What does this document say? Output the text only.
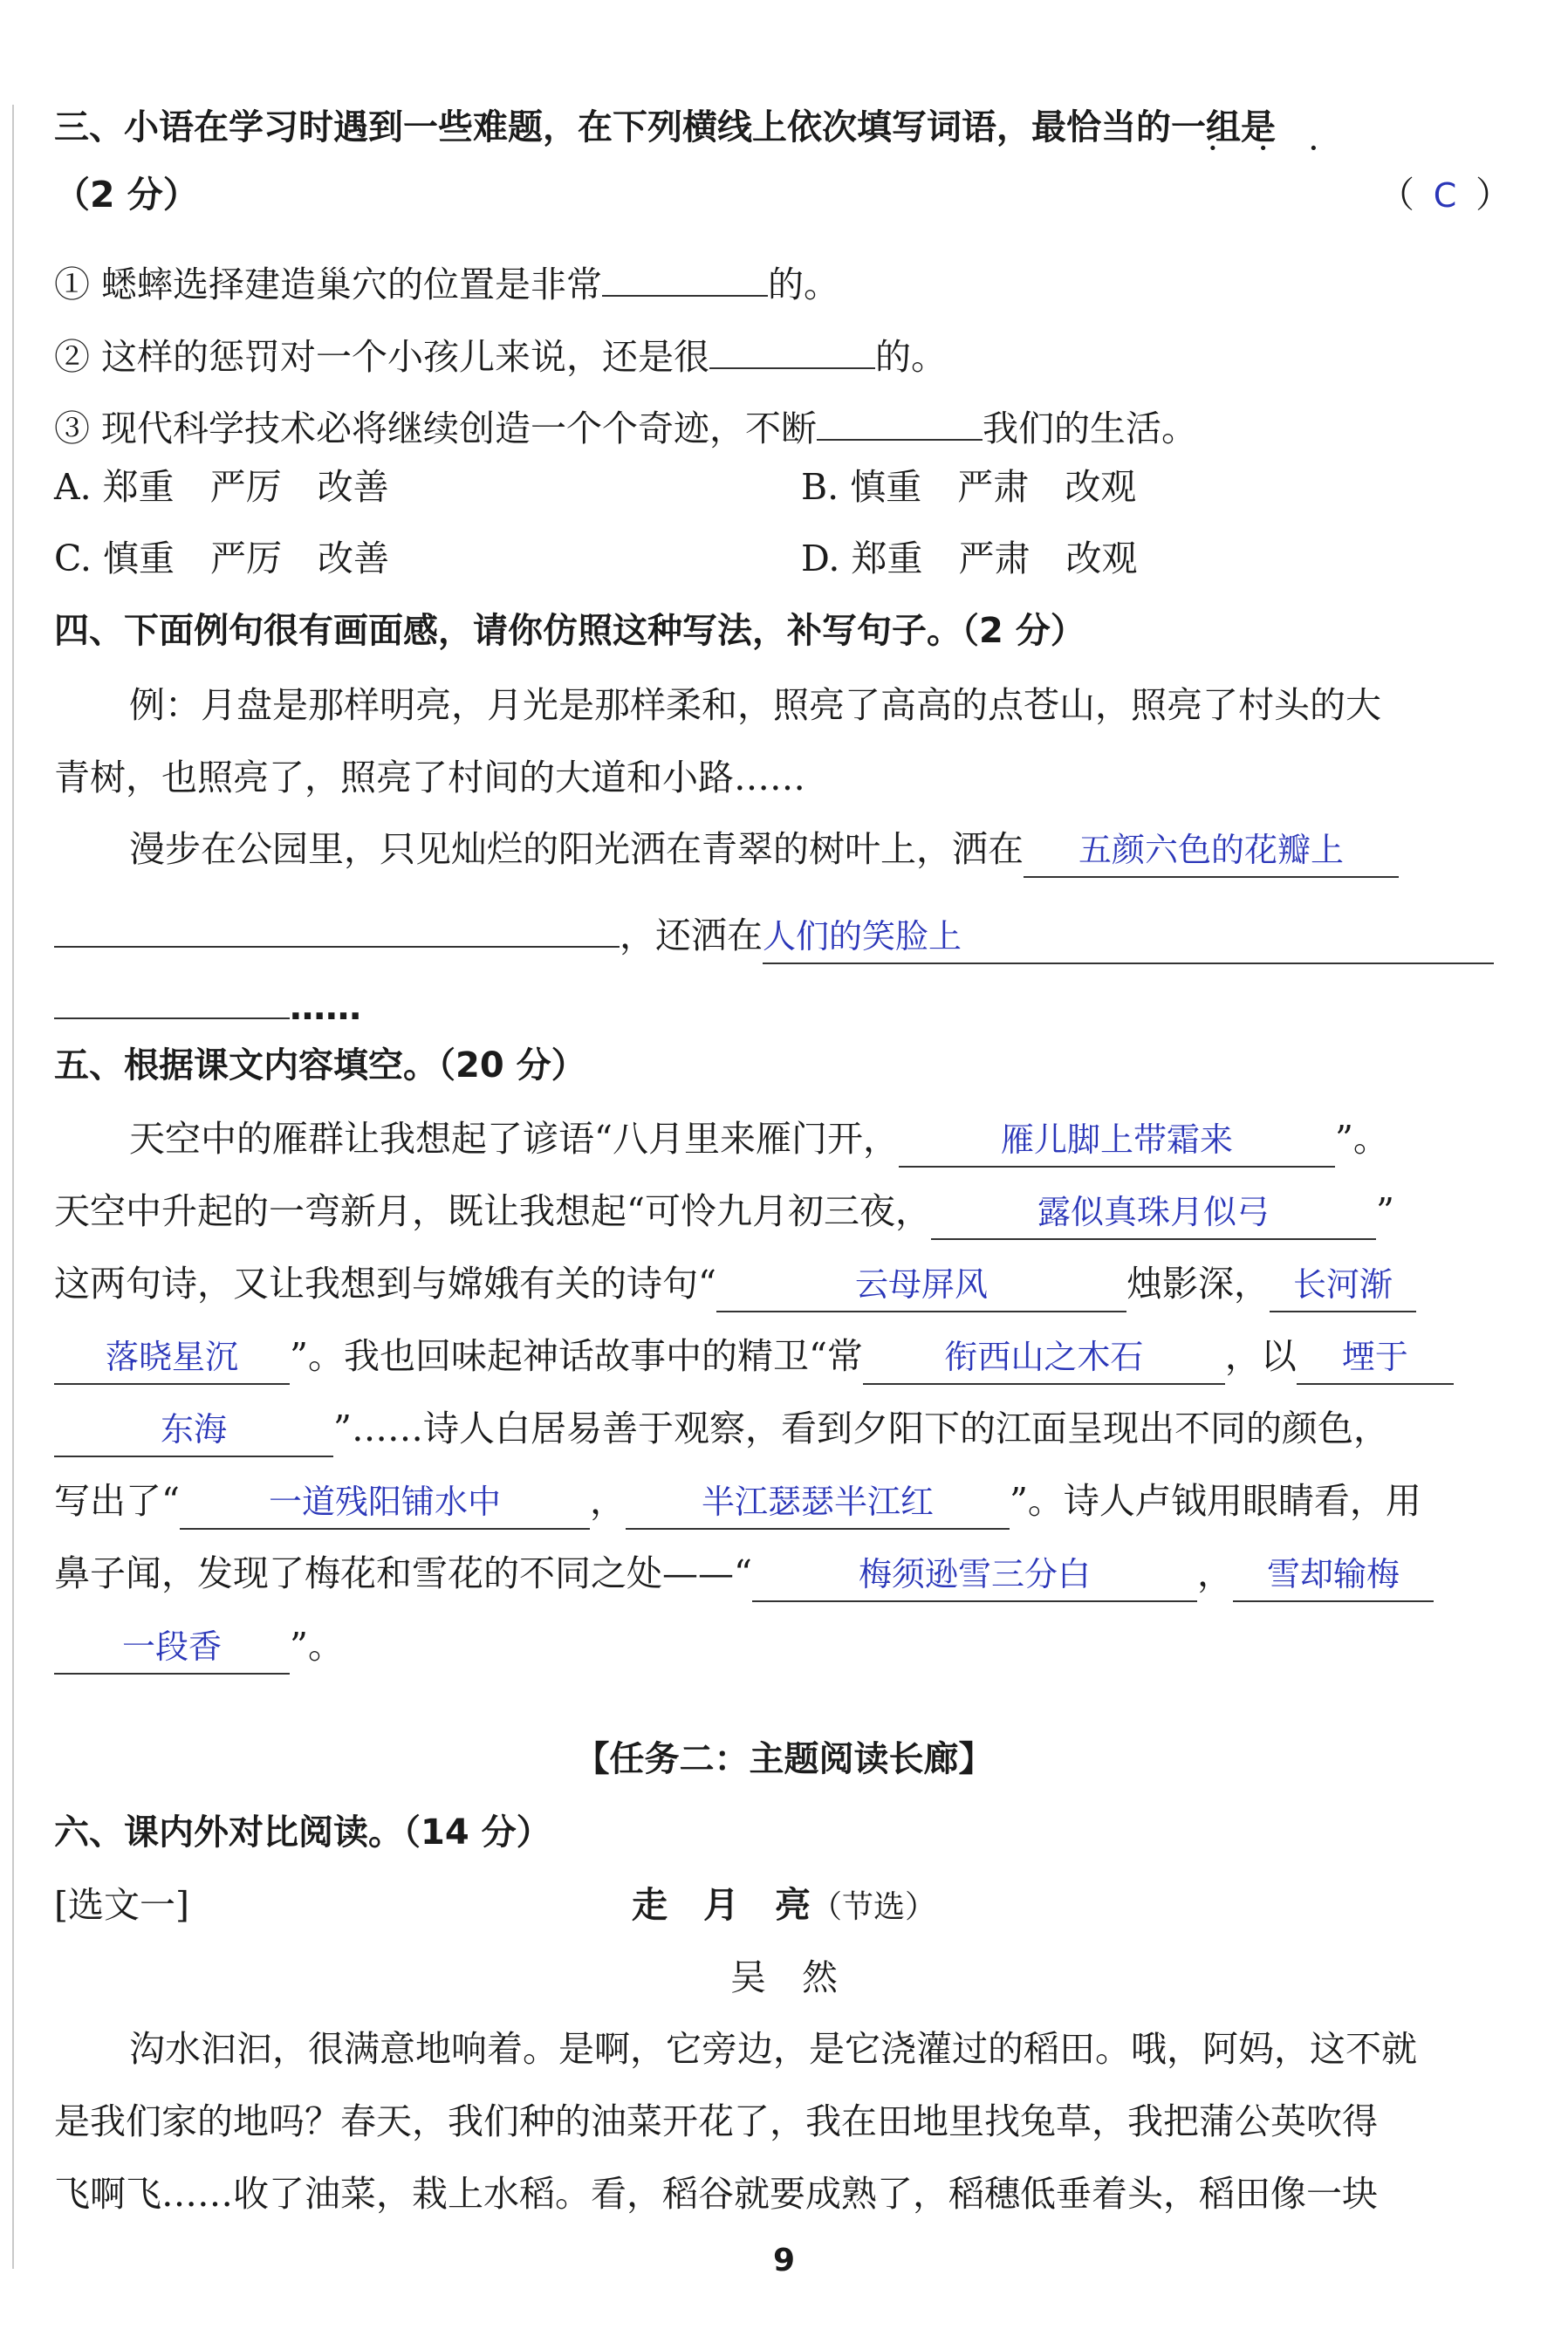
三、小语在学习时遇到一些难题，在下列横线上依次填写词语，最恰当的一组是
···
（2 分）	（ C ）
① 蟋蟀选择建造巢穴的位置是非常	的。
② 这样的惩罚对一个小孩儿来说，还是很	的。
③ 现代科学技术必将继续创造一个个奇迹，不断	我们的生活。
A. 郑重　严厉　改善	B. 慎重　严肃　改观
C. 慎重　严厉　改善	D. 郑重　严肃　改观
四、下面例句很有画面感，请你仿照这种写法，补写句子。（2 分）
例：月盘是那样明亮，月光是那样柔和，照亮了高高的点苍山，照亮了村头的大
青树，也照亮了，照亮了村间的大道和小路……
漫步在公园里，只见灿烂的阳光洒在青翠的树叶上，洒在 五颜六色的花瓣上
，还洒在人们的笑脸上
……
五、根据课文内容填空。（20 分）
天空中的雁群让我想起了谚语“八月里来雁门开，	雁儿脚上带霜来	”。
天空中升起的一弯新月，既让我想起“可怜九月初三夜，	露似真珠月似弓	”
这两句诗，又让我想到与嫦娥有关的诗句“	云母屏风	烛影深， 长河渐
落晓星沉 ”。我也回味起神话故事中的精卫“常 衔西山之木石 ，以 堙于
东海	”……诗人白居易善于观察，看到夕阳下的江面呈现出不同的颜色，
写出了“	一道残阳铺水中 ， 半江瑟瑟半江红 ”。诗人卢钺用眼睛看，用
鼻子闻，发现了梅花和雪花的不同之处——“	梅须逊雪三分白	， 雪却输梅
一段香 ”。
【任务二：主题阅读长廊】
六、课内外对比阅读。（14 分）
[选文一]	走　月　亮（节选）
吴　然
沟水汩汩，很满意地响着。是啊，它旁边，是它浇灌过的稻田。哦，阿妈，这不就
是我们家的地吗？春天，我们种的油菜开花了，我在田地里找兔草，我把蒲公英吹得
飞啊飞……收了油菜，栽上水稻。看，稻谷就要成熟了，稻穗低垂着头，稻田像一块
9
